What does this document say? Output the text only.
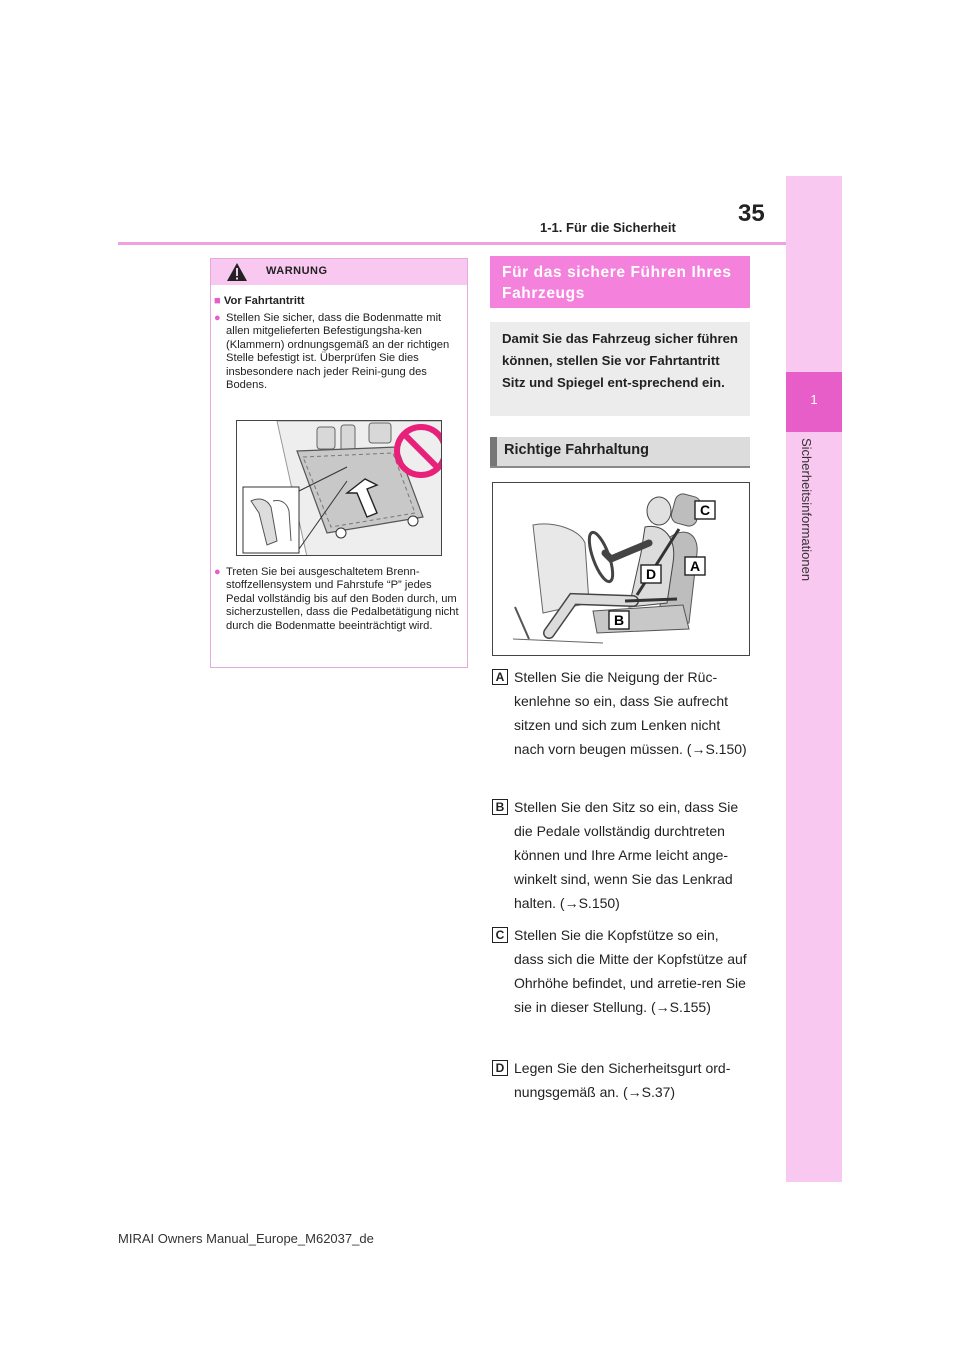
35
1-1. Für die Sicherheit
1
Sicherheitsinformationen
WARNUNG
■ Vor Fahrtantritt
● Stellen Sie sicher, dass die Bodenmatte mit allen mitgelieferten Befestigungsha-ken (Klammern) ordnungsgemäß an der richtigen Stelle befestigt ist. Überprüfen Sie dies insbesondere nach jeder Reini-gung des Bodens.
● Treten Sie bei ausgeschaltetem Brenn-stoffzellensystem und Fahrstufe “P” jedes Pedal vollständig bis auf den Boden durch, um sicherzustellen, dass die Pedalbetätigung nicht durch die Bodenmatte beeinträchtigt wird.
Für das sichere Führen Ihres Fahrzeugs
Damit Sie das Fahrzeug sicher führen können, stellen Sie vor Fahrtantritt Sitz und Spiegel ent-sprechend ein.
Richtige Fahrhaltung
C
A
D
B
A Stellen Sie die Neigung der Rüc-kenlehne so ein, dass Sie aufrecht sitzen und sich zum Lenken nicht nach vorn beugen müssen. (→S.150)
B Stellen Sie den Sitz so ein, dass Sie die Pedale vollständig durchtreten können und Ihre Arme leicht ange-winkelt sind, wenn Sie das Lenkrad halten. (→S.150)
C Stellen Sie die Kopfstütze so ein, dass sich die Mitte der Kopfstütze auf Ohrhöhe befindet, und arretie-ren Sie sie in dieser Stellung. (→S.155)
D Legen Sie den Sicherheitsgurt ord-nungsgemäß an. (→S.37)
MIRAI Owners Manual_Europe_M62037_de
